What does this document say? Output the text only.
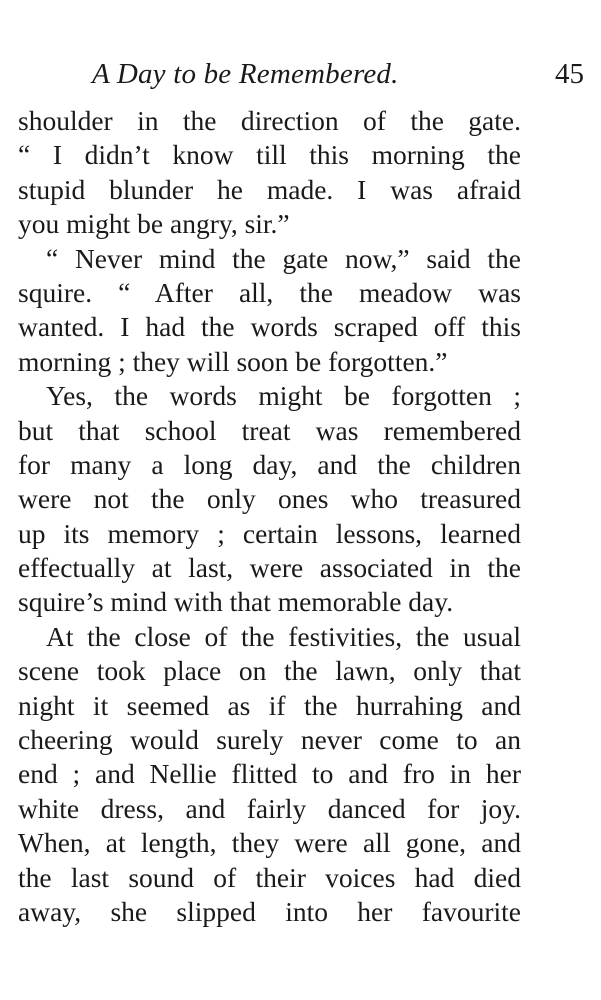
A Day to be Remembered.	45
shoulder in the direction of the gate.
“ I didn’t know till this morning the
stupid blunder he made. I was afraid
you might be angry, sir.”
“ Never mind the gate now,” said the
squire. “ After all, the meadow was
wanted. I had the words scraped off this
morning ; they will soon be forgotten.”
Yes, the words might be forgotten ;
but that school treat was remembered
for many a long day, and the children
were not the only ones who treasured
up its memory ; certain lessons, learned
effectually at last, were associated in the
squire’s mind with that memorable day.
At the close of the festivities, the usual
scene took place on the lawn, only that
night it seemed as if the hurrahing and
cheering would surely never come to an
end ; and Nellie flitted to and fro in her
white dress, and fairly danced for joy.
When, at length, they were all gone, and
the last sound of their voices had died
away, she slipped into her favourite
